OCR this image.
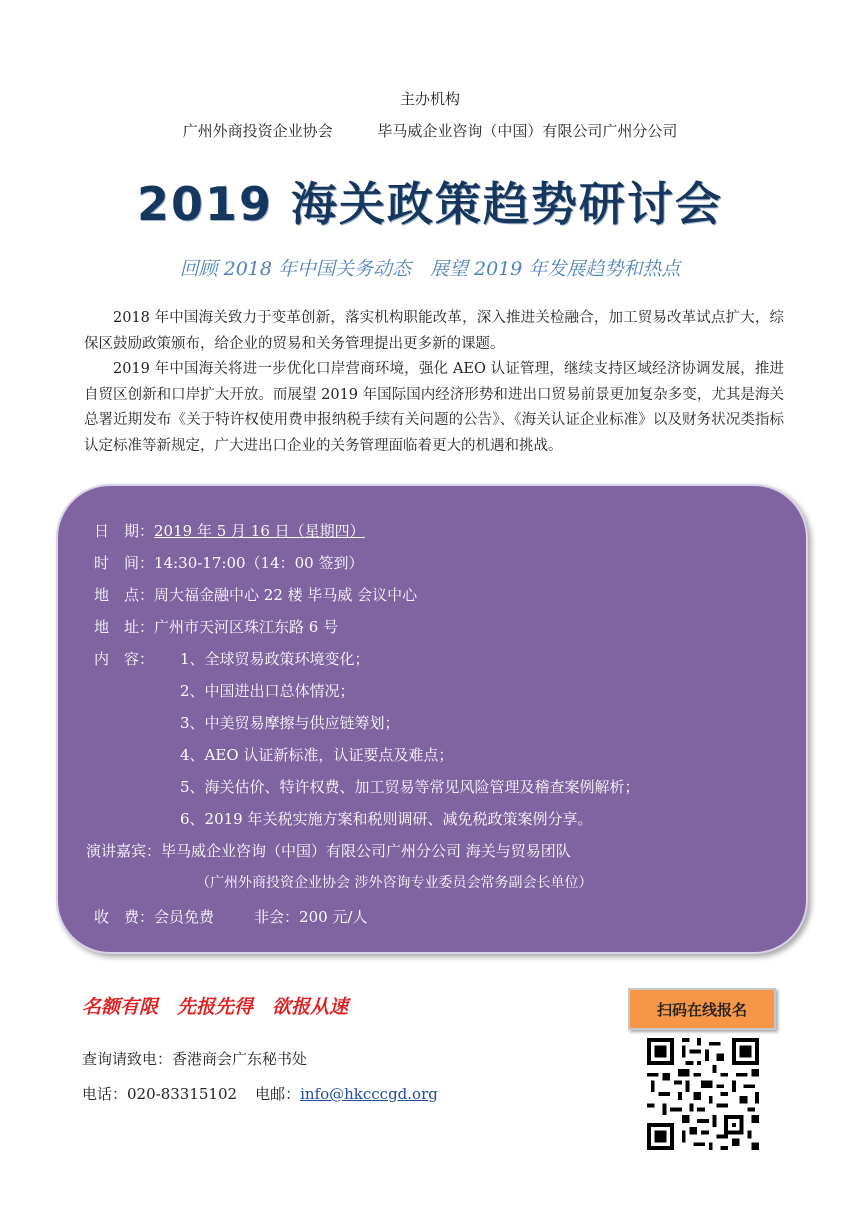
主办机构
广州外商投资企业协会	毕马威企业咨询（中国）有限公司广州分公司
2019 海关政策趋势研讨会
回顾 2018 年中国关务动态　展望 2019 年发展趋势和热点

2018 年中国海关致力于变革创新，落实机构职能改革，深入推进关检融合，加工贸易改革试点扩大，综保区鼓励政策颁布，给企业的贸易和关务管理提出更多新的课题。

2019 年中国海关将进一步优化口岸营商环境，强化 AEO 认证管理，继续支持区域经济协调发展，推进自贸区创新和口岸扩大开放。而展望 2019 年国际国内经济形势和进出口贸易前景更加复杂多变，尤其是海关总署近期发布《关于特许权使用费申报纳税手续有关问题的公告》、《海关认证企业标准》以及财务状况类指标认定标准等新规定，广大进出口企业的关务管理面临着更大的机遇和挑战。

日　期：2019 年 5 月 16 日（星期四）
时　间：14:30-17:00（14：00 签到）
地　点：周大福金融中心 22 楼 毕马威 会议中心
地　址：广州市天河区珠江东路 6 号
内　容： 1、全球贸易政策环境变化；
2、中国进出口总体情况；
3、中美贸易摩擦与供应链筹划；
4、AEO 认证新标准，认证要点及难点；
5、海关估价、特许权费、加工贸易等常见风险管理及稽查案例解析；
6、2019 年关税实施方案和税则调研、减免税政策案例分享。
演讲嘉宾：毕马威企业咨询（中国）有限公司广州分公司 海关与贸易团队
（广州外商投资企业协会 涉外咨询专业委员会常务副会长单位）
收　费：会员免费	非会：200 元/人
名额有限　先报先得　欲报从速
查询请致电：香港商会广东秘书处
电话：020-83315102 电邮：info@hkcccgd.org
扫码在线报名
